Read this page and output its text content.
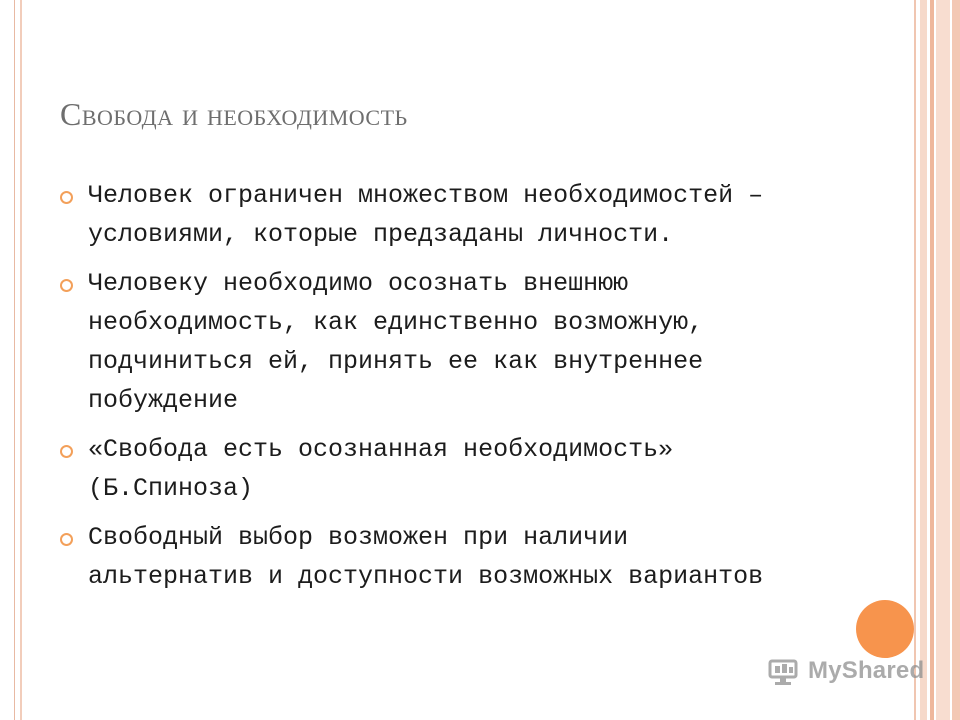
Свобода и необходимость
Человек ограничен множеством необходимостей – условиями, которые предзаданы личности.
Человеку необходимо осознать внешнюю необходимость, как единственно возможную, подчиниться ей, принять ее как внутреннее побуждение
«Свобода есть осознанная необходимость» (Б.Спиноза)
Свободный выбор возможен при наличии альтернатив и доступности возможных вариантов
MyShared
